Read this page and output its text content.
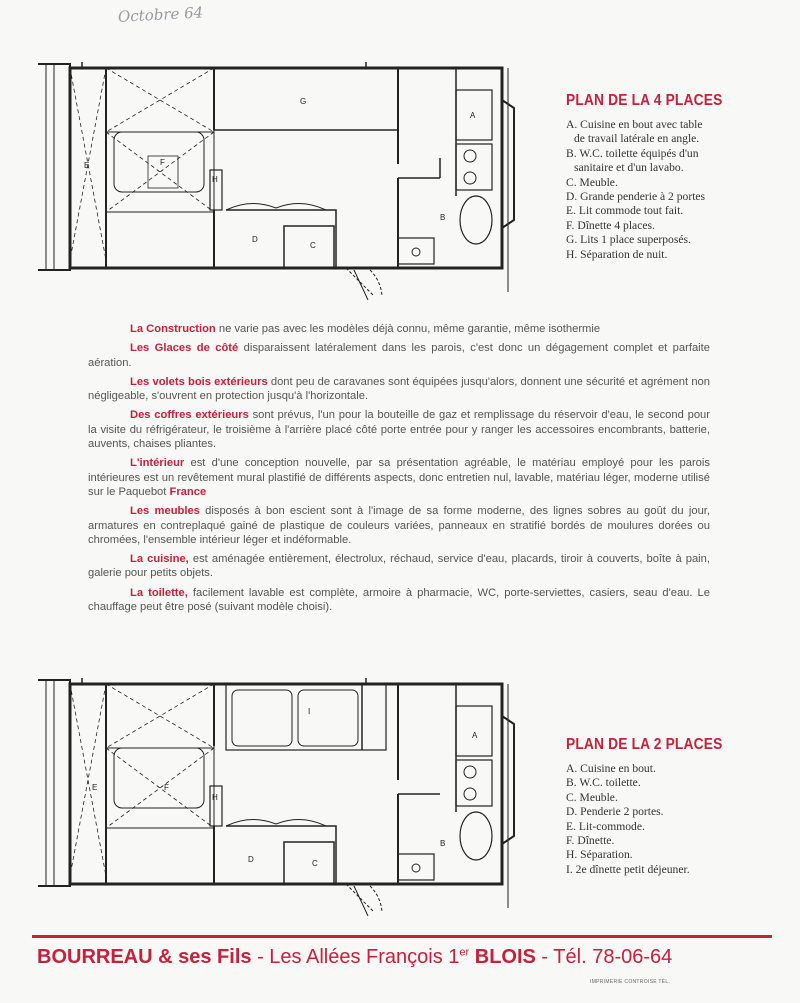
Octobre 64
G
A
B
E	F
H
D
C
PLAN DE LA 4 PLACES
A. Cuisine en bout avec table
de travail latérale en angle.
B. W.C. toilette équipés d'un
sanitaire et d'un lavabo.
C. Meuble.
D. Grande penderie à 2 portes
E. Lit commode tout fait.
F. Dînette 4 places.
G. Lits 1 place superposés.
H. Séparation de nuit.

La Construction ne varie pas avec les modèles déjà connu, même garantie, même isothermie

Les Glaces de côté disparaissent latéralement dans les parois, c'est donc un dégagement complet et parfaite aération.

Les volets bois extérieurs dont peu de caravanes sont équipées jusqu'alors, donnent une sécurité et agrément non négligeable, s'ouvrent en protection jusqu'à l'horizontale.

Des coffres extérieurs sont prévus, l'un pour la bouteille de gaz et remplissage du réservoir d'eau, le second pour la visite du réfrigérateur, le troisième à l'arrière placé côté porte entrée pour y ranger les accessoires encombrants, batterie, auvents, chaises pliantes.

L'intérieur est d'une conception nouvelle, par sa présentation agréable, le matériau employé pour les parois intérieures est un revêtement mural plastifié de différents aspects, donc entretien nul, lavable, matériau léger, moderne utilisé sur le Paquebot France

Les meubles disposés à bon escient sont à l'image de sa forme moderne, des lignes sobres au goût du jour, armatures en contreplaqué gainé de plastique de couleurs variées, panneaux en stratifié bordés de moulures dorées ou chromées, l'ensemble intérieur léger et indéformable.

La cuisine, est aménagée entièrement, électrolux, réchaud, service d'eau, placards, tiroir à couverts, boîte à pain, galerie pour petits objets.

La toilette, facilement lavable est complète, armoire à pharmacie, WC, porte-serviettes, casiers, seau d'eau. Le chauffage peut être posé (suivant modèle choisi).

I
A
B
E	F
H
D	C
PLAN DE LA 2 PLACES
A. Cuisine en bout.
B. W.C. toilette.
C. Meuble.
D. Penderie 2 portes.
E. Lit-commode.
F. Dînette.
H. Séparation.
I. 2e dînette petit déjeuner.
BOURREAU & ses Fils - Les Allées François 1er BLOIS - Tél. 78-06-64
IMPRIMERIE CONTROISE TÉL.
